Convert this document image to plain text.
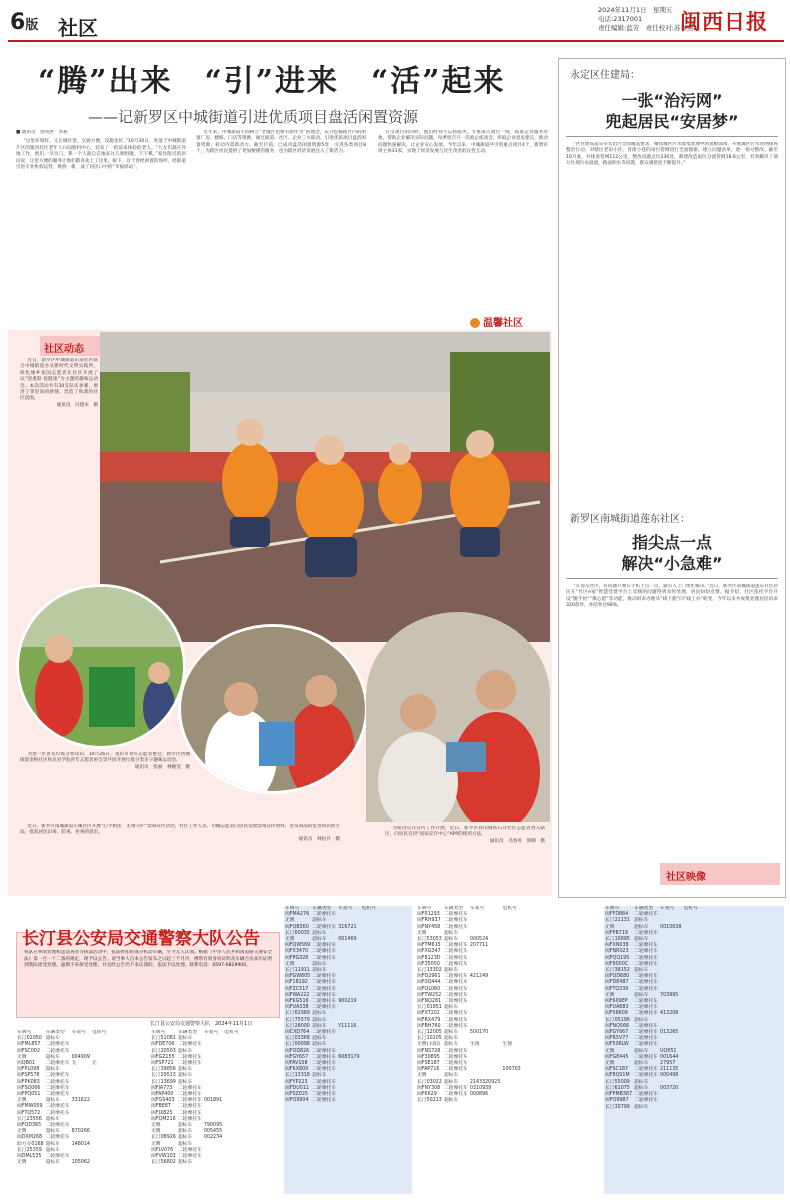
6版 社区
2024年11月1日　星期五
电话:2317001
责任编辑:蓝芳　责任校对:苏春燕
闽西日报
“腾”出来　“引”进来　“活”起来
——记新罗区中城街道引进优质项目盘活闲置资源
■ 通讯员　郭英洪　李莉

“这里环境好，又在城区里，交通方便，设施也好。”10月30日，坐落于中城街道片区的银河社区老年人日间照料中心，迎来了一批前来体验的老人。“儿女们都在外地工作，他们一早出门，我一个人就自在地来这儿唱唱歌、下下棋。”家住附近的居民说，这里方便的服务让他们都喜欢上了这里。眼下，这个曾经闲置的场所，经街道引进专业机构运营，焕然一新，成了居民口中的“幸福驿站”。

近年来，中城街道牢固树立“老城区也要有新作为”的理念，充分挖掘辖区内的闲置厂房、楼栋、门店等资源，通过街道、社区、企业三方联动，引进优质项目盘活闲置资源，转动内需新动力。截至目前，已成功盘活闲置资源5处，引进各类项目8个，为辖区居民提供了更加便捷的服务，也为辖区经济发展注入了新活力。

在引项目的同时，他们时刻不忘抓服务。专班深入项目一线，摸底走访服务对象，帮助企业解决实际问题。每季度召开一次政企座谈会，听取企业意见建议，推动问题快速解决，让企业安心发展。今年以来，中城街道共引进重点项目4个，新增市场主体31家，实现了经济发展与民生改善的良性互动。

温馨社区
永定区住建局：
一张“治污网”
兜起居民“安居梦”

“区住建局落实牵头治污全面覆盖要求，聚焦城区污水收集处理中的短板弱项，开展城区污水管网排查整治行动，对辖区老旧小区、背街小巷的雨污管网进行全面摸排，建立问题清单，逐一销号整改。截至10月底，共排查管网112公里，整改问题点位236处，新建改造雨污分流管网18.6公里，有效解决了部分区域污水溢流、路面积水等问题，群众满意度不断提升。”

新罗区南城街道莲东社区：
指尖点一点
解决“小急难”

“在莲东社区，有问题只要在手机上点一点，就有人上门帮忙解决。”近日，新罗区南城街道莲东社区居民在“社区e家”智慧党建平台上反映的问题得到及时处理，居民纷纷点赞。据介绍，社区依托平台开设“随手拍”“微心愿”等功能，推动诉求办理从“线下跑”向“线上办”转变，今年以来共收集处理居民诉求320余件，办结率达98%。

社区映像
社区动态

近日，新罗区中城街道东南社区联合中城街道办及新时代文明实践所、绿色城乡家园志愿者在社区开展了以“迎重阳·促健康”为主题的趣味运动会。本次活动共有30支队伍参赛，增进了邻里间的感情，营造了和谐的社区氛围。

通讯员　冯建永　摄

为进一步普及垃圾分类知识，10月26日，龙岩市青年志愿者协会、新罗区西城街道金桥社区和龙岩学院青年志愿者协会等共同开展垃圾分类亲子趣味运动会。

通讯员　张丽　林婉莹　摄

近日，新罗区南城街道小溪社区开展“心手相连　无毒守护”禁毒宣传活动，社区工作人员、巾帼志愿者向居民发放禁毒宣传资料，普及毒品的危害和识别方法，提高居民识毒、防毒、拒毒的意识。

通讯员　林杭丹　摄

为促进反诈宣传工作开展，近日，新罗区铁山镇铁石洋社区志愿者进入辖区，向居民宣讲“国家反诈中心”APP的使用方法。

通讯员　毛春英　郭晴　摄
长汀县公安局交通警察大队公告
我队在事故处理和违法查处等执法活动中，依法暂扣的部分机动车辆，至今无人认领。根据《中华人民共和国道路交通安全法》第一百一十二条的规定，现予以公告。请当事人自本公告发布之日起三个月内，携带有效身份证明及车辆合法来历证明到我队接受处理。逾期不来接受处理，并且经公告仍不来认领的，依法予以处理。联系电话：0597-6829900。
长汀县公安局交通警察大队　2024年11月1日
车牌号	车辆类型	车架号	电机号
长汀02050	超标车		
闽FML857	二轮摩托车		
闽FSC002	二轮摩托车		
无牌	超标车	004909	
闽QB01	二轮摩托车	无	无
闽FPL098	超标车		
闽FSP578	二轮摩托车		
闽FPK083	二轮摩托车		
闽FSQ066	二轮摩托车		
闽FPQ051	二轮摩托车		
无牌	超标车	331622	
闽FMW059	二轮摩托车		
闽FTQ572	二轮摩托车		
长汀23556	超标车		
闽FQD365	二轮摩托车		
无牌	超标车	870266	
闽DXM268	二轮摩托车		
助力车0168	超标车	148014	
长汀25359	超标车		
闽DML535	二轮摩托车		
无牌	超标车	105062	
车牌号	车辆类型	车架号	电机号
长汀51081	超标车		
闽FDE706	二轮摩托车		
长汀20503	超标车		
闽FGZ155	二轮摩托车		
闽FSP721	二轮摩托车		
长汀39856	超标车		
长汀29513	超标车		
长汀13699	超标车		
闽FJA773	二轮摩托车		
闽FAP400	二轮摩托车		
闽FGS403	二轮摩托车	001891	
闽FBE6T	二轮摩托车		
闽FJX825	二轮摩托车		
闽FQM216	二轮摩托车		
无牌	超标车	790095	
无牌	超标车	005455	
长汀08926	超标车	002234	
无牌	超标车		
闽FLV076	二轮摩托车		
闽FVW103	二轮摩托车		
长汀56802	超标车		
车牌号	车辆类型	车架号	电机号
闽FMA276	二轮摩托车		
无牌	超标车		
闽FQB360	二轮摩托车	316721	
长汀60035	超标车		
无牌	超标车	001469	
闽FQW569	二轮摩托车		
闽FX3470	二轮摩托车		
闽FPG328	二轮摩托车		
无牌	超标车		
长汀11911	超标车		
闽FGW805	二轮摩托车		
闽F18192	二轮摩托车		
闽FZC517	二轮摩托车		
闽FWA222	二轮摩托车		
闽FKG516	二轮摩托车	900219	
闽FUA338	二轮摩托车		
长汀62989	超标车		
长汀75579	超标车		
长汀28000	超标车	Y11116	
闽CXD764	二轮摩托车		
长汀03368	超标车		
长汀00098	超标车		
闽FOD826	二轮摩托车		
闽FGY657	二轮摩托车	6083179	
闽FAV108	二轮摩托车		
闽FKX809	二轮摩托车		
长汀13318	超标车		
闽FYP223	二轮摩托车		
闽FDU011	二轮摩托车		
闽FSZ025	二轮摩托车		
闽FQ9904	二轮摩托车		
车牌号	车辆类型	车架号	电机号
闽F01293	二轮摩托车		
闽FRH937	二轮摩托车		
闽FNY458	二轮摩托车		
无牌	超标车		
长汀53053	超标车	000524	
闽FTM615	二轮摩托车	207711	
闽FXG347	二轮摩托车		
闽F8123D	二轮摩托车		
闽F35050	二轮摩托车		
长汀13302	超标车		
闽FQ2961	二轮摩托车	421249	
闽F0Q444	二轮摩托车		
闽FQL060	二轮摩托车		
闽FTW252	二轮摩托车		
闽FNQ281	二轮摩托车		
长汀01851	超标车		
闽FXT202	二轮摩托车		
闽FRX479	二轮摩托车		
闽FBH760	二轮摩托车		
长汀12005	超标车	500170	
长汀10105	超标车		
无牌(太阳)	超标车	生锈	生锈
闽FNS728	二轮摩托车		
闽F30895	二轮摩托车		
闽FSE187	二轮摩托车		
闽FAP716	二轮摩托车		100703
无牌	超标车		
长汀03022	超标车	2143320925	
闽FNY308	二轮摩托车	0310939	
闽F6629	二轮摩托车	000896	
长汀50213	超标车		
车牌号	车辆类型	车架号	电机号
闽FFD884	二轮摩托车		
长汀22131	超标车		
无牌	超标车	0010638	
闽FPR719	二轮摩托车		
长汀10895	超标车		
闽FXN038	二轮摩托车		
闽FNR023	二轮摩托车		
闽FQQ195	二轮摩托车		
闽F9000C	二轮摩托车		
长汀38152	超标车		
闽FQD680	二轮摩托车		
闽FDE487	二轮摩托车		
闽FTQ339	二轮摩托车		
无牌	超标车	703995	
闽F609EP	二轮摩托车		
闽FUA683	二轮摩托车		
闽F08609	二轮摩托车	413208	
长汀05196	超标车		
闽FNQ566	二轮摩托车		
闽FGY667	二轮摩托车	013265	
闽FR5V77	二轮摩托车		
闽F506LW	二轮摩托车		
无牌	超标车	UQ651	
闽FGE445	二轮摩托车	001644	
无牌	超标车	27957	
闽FSC187	二轮摩托车	211135	
闽F8QS1M	二轮摩托车	000498	
长汀55009	超标车		
长汀61075	超标车	003720	
闽FPMB387	二轮摩托车		
闽FQ9987	二轮摩托车		
长汀30799	超标车		
